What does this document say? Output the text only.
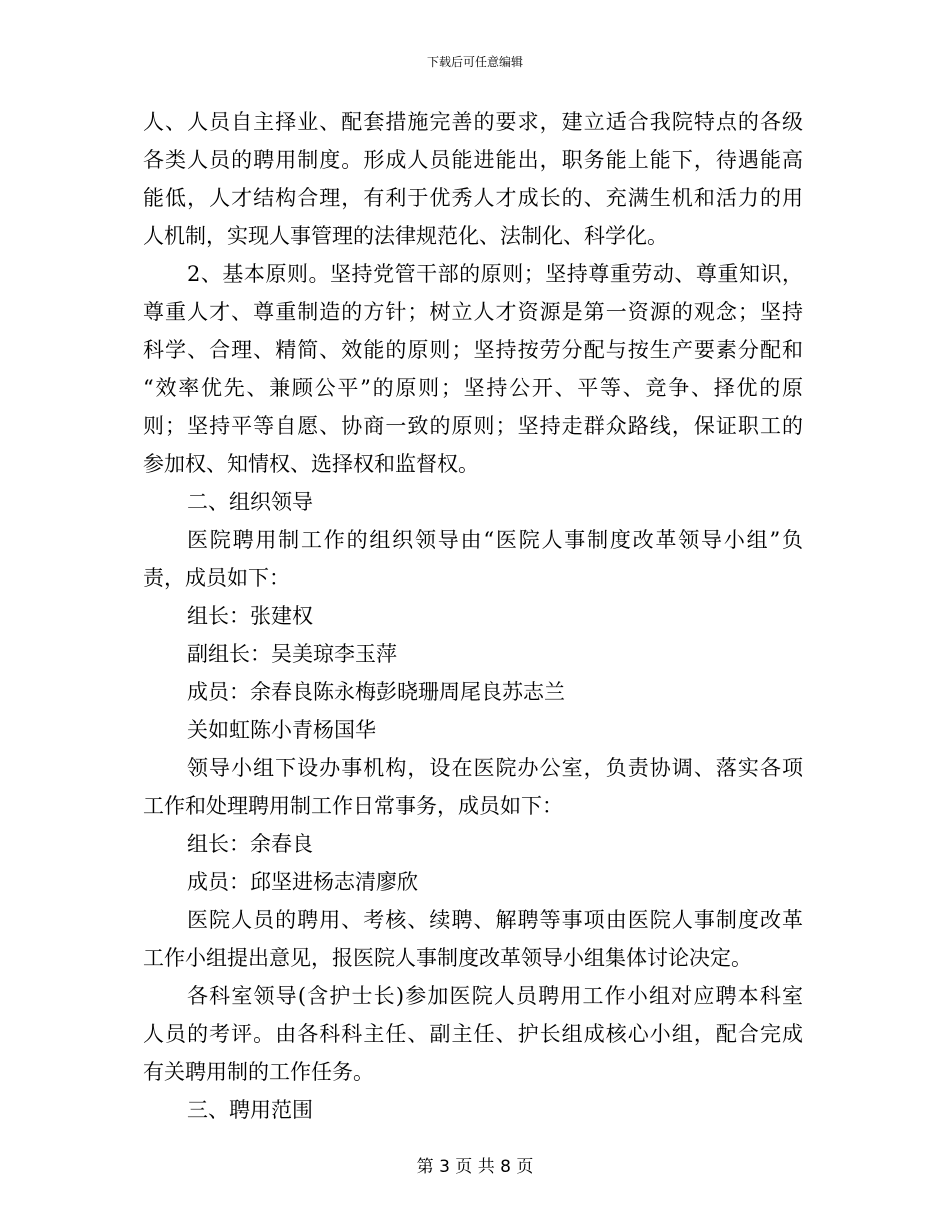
下载后可任意编辑
人、人员自主择业、配套措施完善的要求，建立适合我院特点的各级
各类人员的聘用制度。形成人员能进能出，职务能上能下，待遇能高
能低，人才结构合理，有利于优秀人才成长的、充满生机和活力的用
人机制，实现人事管理的法律规范化、法制化、科学化。
2、基本原则。坚持党管干部的原则；坚持尊重劳动、尊重知识，
尊重人才、尊重制造的方针；树立人才资源是第一资源的观念；坚持
科学、合理、精简、效能的原则；坚持按劳分配与按生产要素分配和
“效率优先、兼顾公平”的原则；坚持公开、平等、竞争、择优的原
则；坚持平等自愿、协商一致的原则；坚持走群众路线，保证职工的
参加权、知情权、选择权和监督权。
二、组织领导
医院聘用制工作的组织领导由“医院人事制度改革领导小组”负
责，成员如下：
组长：张建权
副组长：吴美琼李玉萍
成员：余春良陈永梅彭晓珊周尾良苏志兰
关如虹陈小青杨国华
领导小组下设办事机构，设在医院办公室，负责协调、落实各项
工作和处理聘用制工作日常事务，成员如下：
组长：余春良
成员：邱坚进杨志清廖欣
医院人员的聘用、考核、续聘、解聘等事项由医院人事制度改革
工作小组提出意见，报医院人事制度改革领导小组集体讨论决定。
各科室领导(含护士长)参加医院人员聘用工作小组对应聘本科室
人员的考评。由各科科主任、副主任、护长组成核心小组，配合完成
有关聘用制的工作任务。
三、聘用范围
第 3 页 共 8 页
